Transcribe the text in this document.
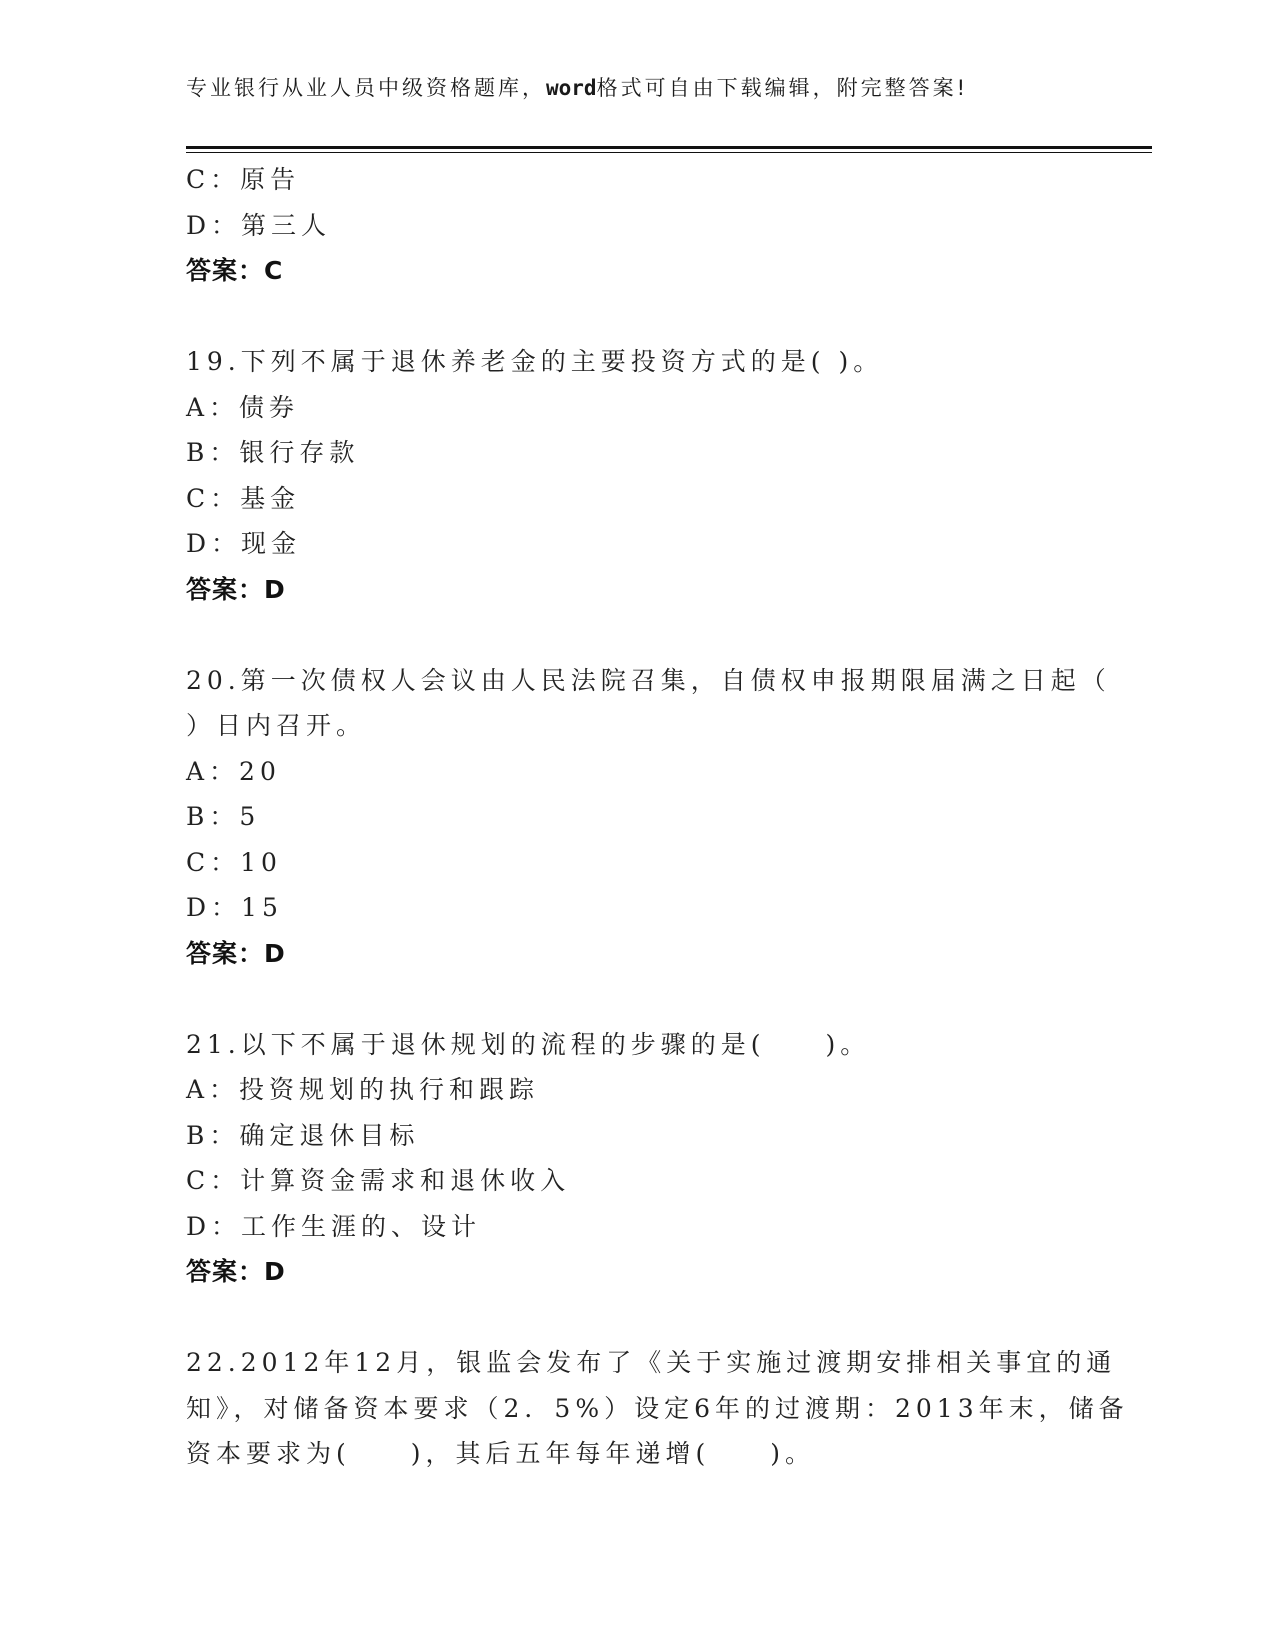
专业银行从业人员中级资格题库，word格式可自由下载编辑，附完整答案!
C：原告
D：第三人
答案：C
19.下列不属于退休养老金的主要投资方式的是( )。
A：债券
B：银行存款
C：基金
D：现金
答案：D
20.第一次债权人会议由人民法院召集，自债权申报期限届满之日起（
）日内召开。
A：20
B：5
C：10
D：15
答案：D
21.以下不属于退休规划的流程的步骤的是(　　)。
A：投资规划的执行和跟踪
B：确定退休目标
C：计算资金需求和退休收入
D：工作生涯的、设计
答案：D
22.2012年12月，银监会发布了《关于实施过渡期安排相关事宜的通
知》，对储备资本要求（2．5%）设定6年的过渡期：2013年末，储备
资本要求为(　　)，其后五年每年递增(　　)。
